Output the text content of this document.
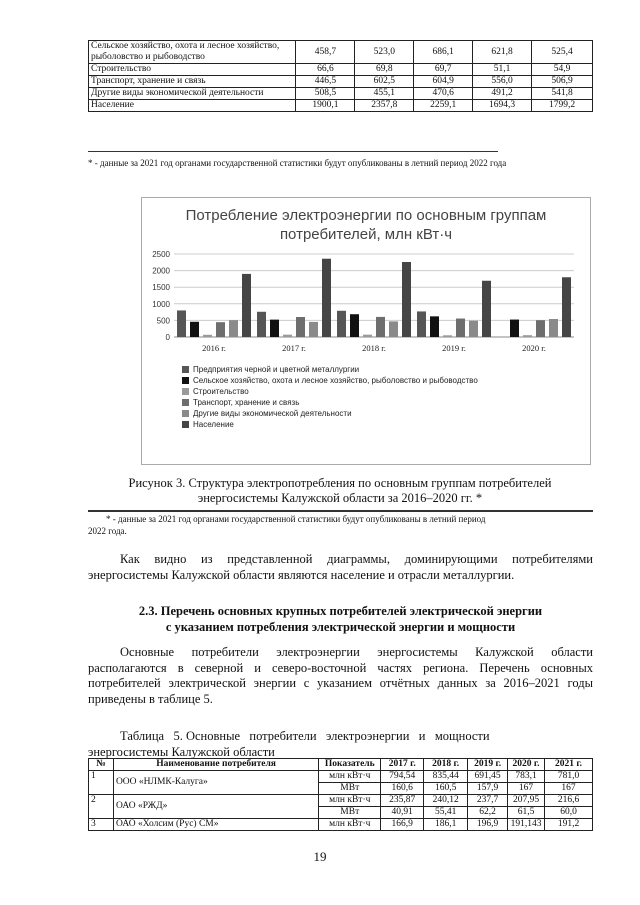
Сельское хозяйство, охота и лесное хозяйство, рыболовство и рыбоводство	458,7	523,0	686,1	621,8	525,4
Строительство	66,6	69,8	69,7	51,1	54,9
Транспорт, хранение и связь	446,5	602,5	604,9	556,0	506,9
Другие виды экономической деятельности	508,5	455,1	470,6	491,2	541,8
Население	1900,1	2357,8	2259,1	1694,3	1799,2
* - данные за 2021 год органами государственной статистики будут опубликованы в летний период 2022 года
Потребление электроэнергии по основным группам
потребителей, млн кВт·ч
0
500
1000
1500
2000
2500
2016 г.	2017 г.	2018 г.	2019 г.	2020 г.
Предприятия черной и цветной металлургии
Сельское хозяйство, охота и лесное хозяйство, рыболовство и рыбоводство
Строительство
Транспорт, хранение и связь
Другие виды экономической деятельности
Население
Рисунок 3. Структура электропотребления по основным группам потребителей
энергосистемы Калужской области за 2016–2020 гг. *
* - данные за 2021 год органами государственной статистики будут опубликованы в летний период
2022 года.
Как видно из представленной диаграммы, доминирующими потребителями энергосистемы Калужской области являются население и отрасли металлургии.
2.3. Перечень основных крупных потребителей электрической энергии
с указанием потребления электрической энергии и мощности
Основные потребители электроэнергии энергосистемы Калужской области располагаются в северной и северо-восточной частях региона. Перечень основных потребителей электрической энергии с указанием отчётных данных за 2016–2021 годы приведены в таблице 5.
Таблица   5. Основные   потребители   электроэнергии   и   мощности
энергосистемы Калужской области
№	Наименование потребителя	Показатель	2017 г.	2018 г.	2019 г.	2020 г.	2021 г.
1	ООО «НЛМК-Калуга»	млн кВт·ч	794,54	835,44	691,45	783,1	781,0
		МВт	160,6	160,5	157,9	167	167
2	ОАО «РЖД»	млн кВт·ч	235,87	240,12	237,7	207,95	216,6
		МВт	40,91	55,41	62,2	61,5	60,0
3	ОАО «Холсим (Рус) СМ»	млн кВт·ч	166,9	186,1	196,9	191,143	191,2
19
